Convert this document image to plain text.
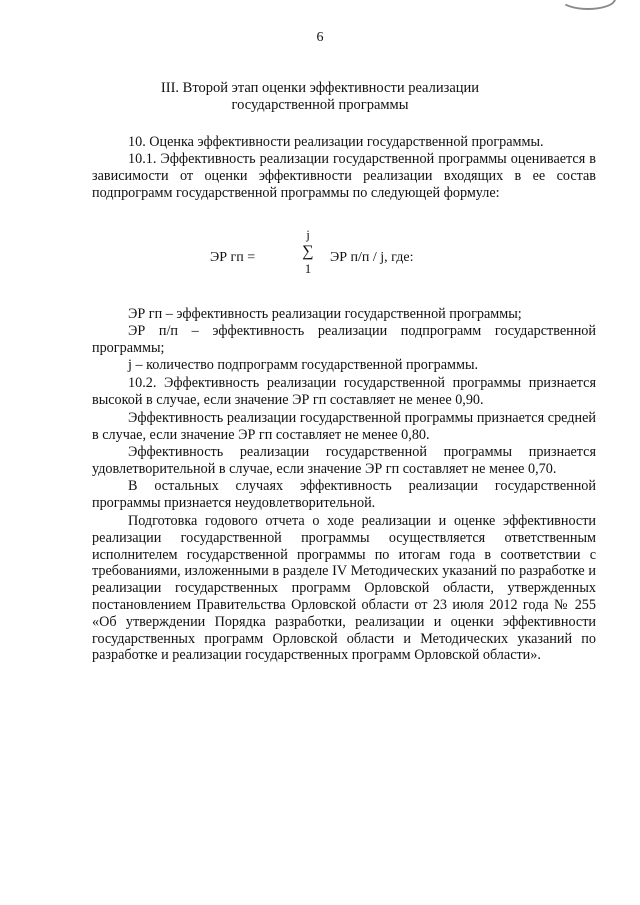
6
III. Второй этап оценки эффективности реализации
государственной программы

10. Оценка эффективности реализации государственной программы.

10.1. Эффективность реализации государственной программы оценивается в зависимости от оценки эффективности реализации входящих в ее состав подпрограмм государственной программы по следующей формуле:

ЭР гп =
j
∑
1
ЭР п/п / j, где:

ЭР гп – эффективность реализации государственной программы;

ЭР п/п – эффективность реализации подпрограмм государственной программы;

j – количество подпрограмм государственной программы.

10.2. Эффективность реализации государственной программы признается высокой в случае, если значение ЭР гп составляет не менее 0,90.

Эффективность реализации государственной программы признается средней в случае, если значение ЭР гп составляет не менее 0,80.

Эффективность реализации государственной программы признается удовлетворительной в случае, если значение ЭР гп составляет не менее 0,70.

В остальных случаях эффективность реализации государственной программы признается неудовлетворительной.

Подготовка годового отчета о ходе реализации и оценке эффективности реализации государственной программы осуществляется ответственным исполнителем государственной программы по итогам года в соответствии с требованиями, изложенными в разделе IV Методических указаний по разработке и реализации государственных программ Орловской области, утвержденных постановлением Правительства Орловской области от 23 июля 2012 года № 255 «Об утверждении Порядка разработки, реализации и оценки эффективности государственных программ Орловской области и Методических указаний по разработке и реализации государственных программ Орловской области».
